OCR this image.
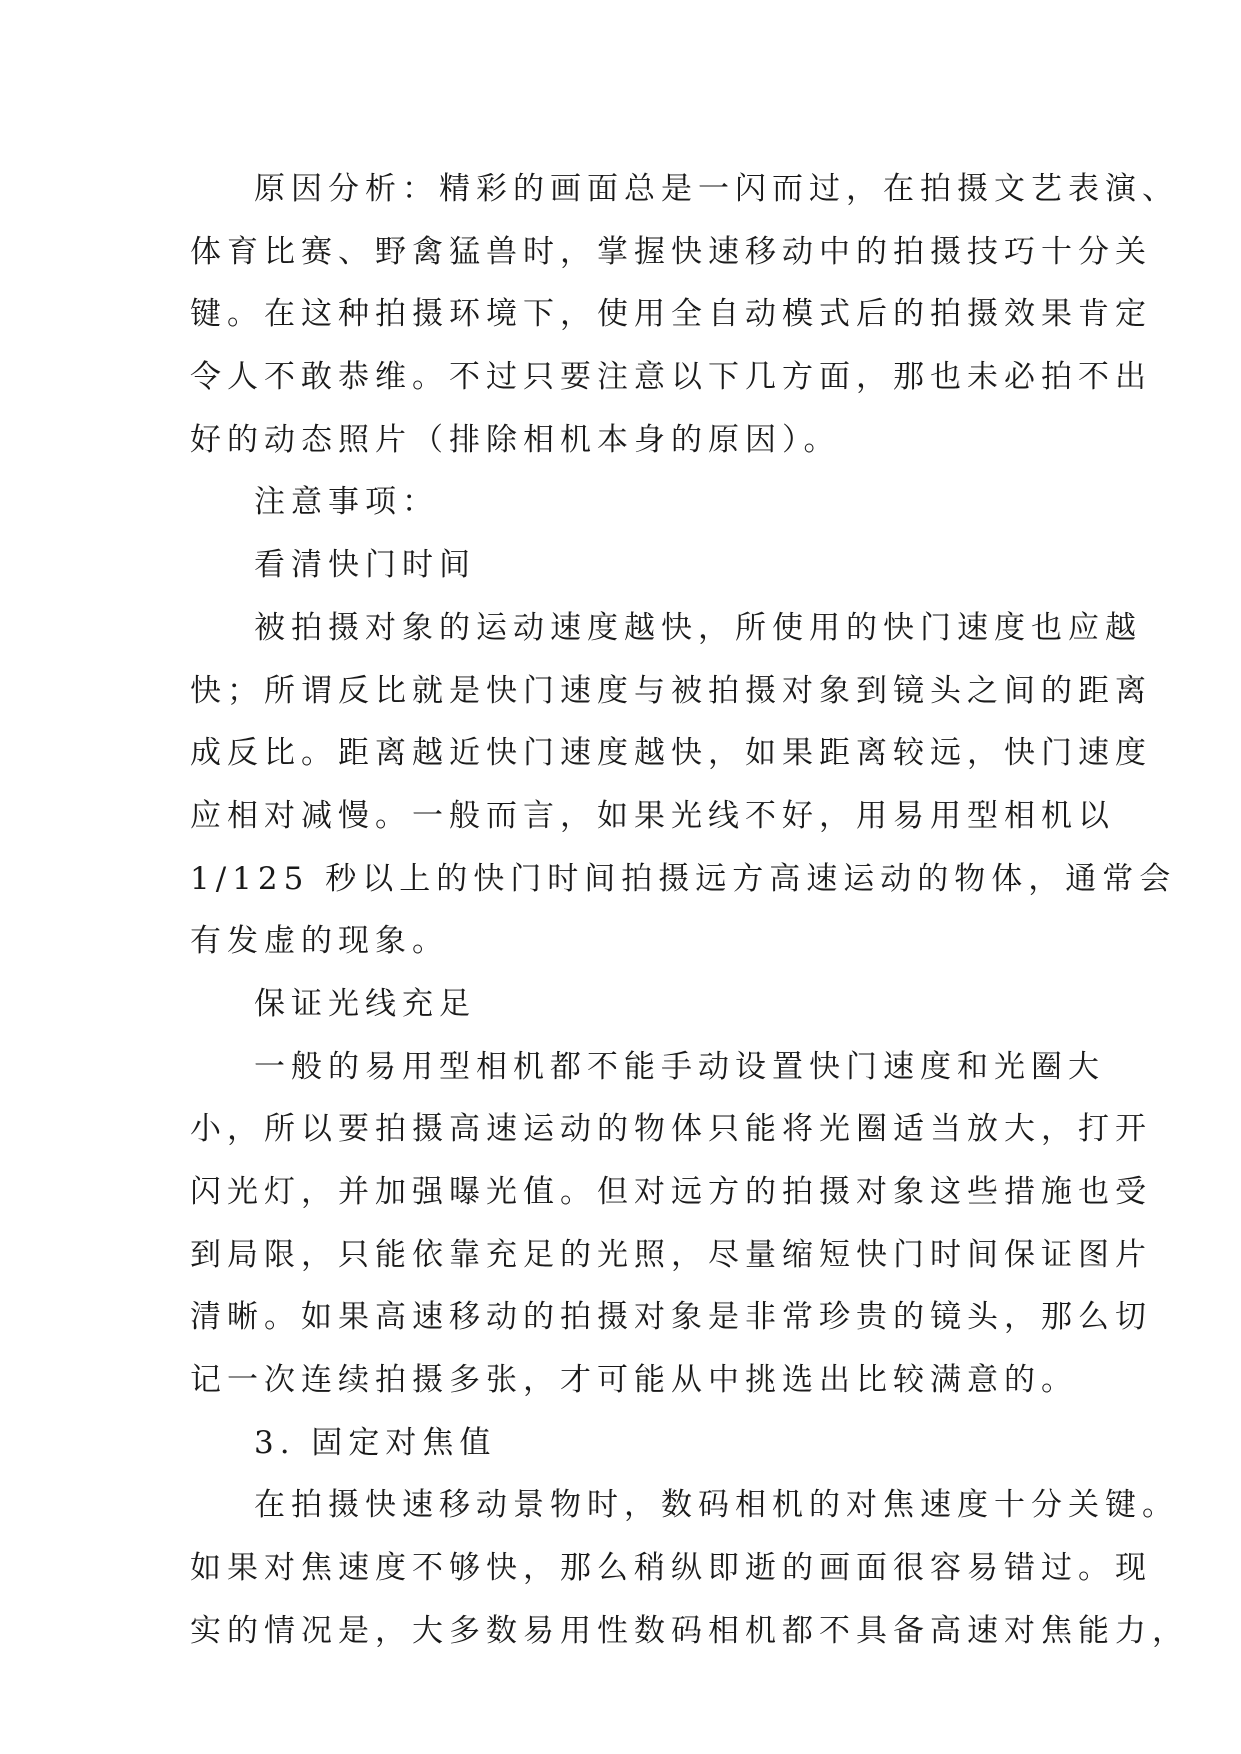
原因分析：精彩的画面总是一闪而过，在拍摄文艺表演、
体育比赛、野禽猛兽时，掌握快速移动中的拍摄技巧十分关
键。在这种拍摄环境下，使用全自动模式后的拍摄效果肯定
令人不敢恭维。不过只要注意以下几方面，那也未必拍不出
好的动态照片（排除相机本身的原因）。
注意事项：
看清快门时间
被拍摄对象的运动速度越快，所使用的快门速度也应越
快；所谓反比就是快门速度与被拍摄对象到镜头之间的距离
成反比。距离越近快门速度越快，如果距离较远，快门速度
应相对减慢。一般而言，如果光线不好，用易用型相机以
1/125 秒以上的快门时间拍摄远方高速运动的物体，通常会
有发虚的现象。
保证光线充足
一般的易用型相机都不能手动设置快门速度和光圈大
小，所以要拍摄高速运动的物体只能将光圈适当放大，打开
闪光灯，并加强曝光值。但对远方的拍摄对象这些措施也受
到局限，只能依靠充足的光照，尽量缩短快门时间保证图片
清晰。如果高速移动的拍摄对象是非常珍贵的镜头，那么切
记一次连续拍摄多张，才可能从中挑选出比较满意的。
3. 固定对焦值
在拍摄快速移动景物时，数码相机的对焦速度十分关键。
如果对焦速度不够快，那么稍纵即逝的画面很容易错过。现
实的情况是，大多数易用性数码相机都不具备高速对焦能力，
